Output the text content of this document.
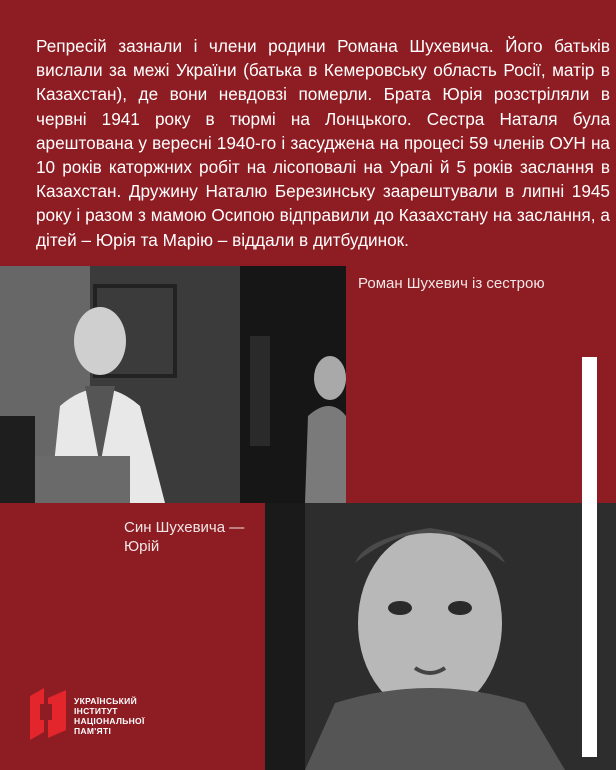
Репресій зазнали і члени родини Романа Шухевича. Його батьків вислали за межі України (батька в Кемеровську область Росії, матір в Казахстан), де вони невдовзі померли. Брата Юрія розстріляли в червні 1941 року в тюрмі на Лонцького. Сестра Наталя була арештована у вересні 1940-го і засуджена на процесі 59 членів ОУН на 10 років каторжних робіт на лісоповалі на Уралі й 5 років заслання в Казахстан. Дружину Наталю Березинську заарештували в липні 1945 року і разом з мамою Осипою відправили до Казахстану на заслання, а дітей – Юрія та Марію – віддали в дитбудинок.

Роман Шухевич із сестрою

Син Шухевича — Юрій

УКРАЇНСЬКИЙ
ІНСТИТУТ
НАЦІОНАЛЬНОЇ
ПАМ'ЯТІ
